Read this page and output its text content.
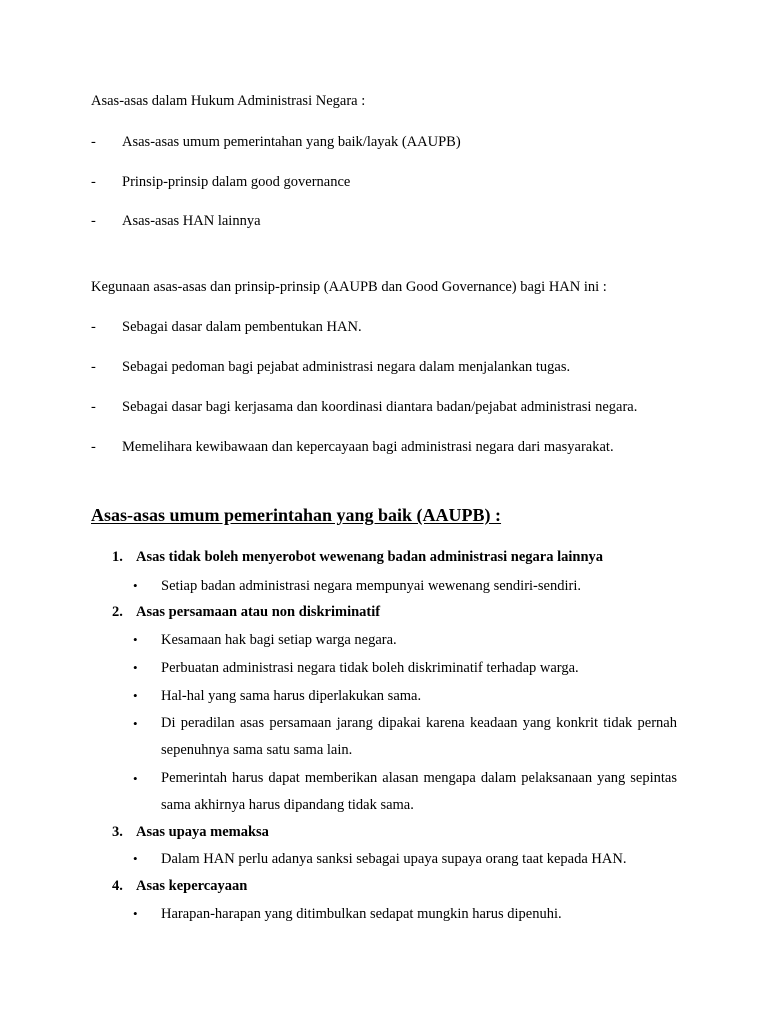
Asas-asas dalam Hukum Administrasi Negara :
- Asas-asas umum pemerintahan yang baik/layak (AAUPB)
- Prinsip-prinsip dalam good governance
- Asas-asas HAN lainnya
Kegunaan asas-asas dan prinsip-prinsip (AAUPB dan Good Governance) bagi HAN ini :
- Sebagai dasar dalam pembentukan HAN.
- Sebagai pedoman bagi pejabat administrasi negara dalam menjalankan tugas.
- Sebagai dasar bagi kerjasama dan koordinasi diantara badan/pejabat administrasi negara.
- Memelihara kewibawaan dan kepercayaan bagi administrasi negara dari masyarakat.
Asas-asas umum pemerintahan yang baik (AAUPB) :
1. Asas tidak boleh menyerobot wewenang badan administrasi negara lainnya
• Setiap badan administrasi negara mempunyai wewenang sendiri-sendiri.
2. Asas persamaan atau non diskriminatif
• Kesamaan hak bagi setiap warga negara.
• Perbuatan administrasi negara tidak boleh diskriminatif terhadap warga.
• Hal-hal yang sama harus diperlakukan sama.
• Di peradilan asas persamaan jarang dipakai karena keadaan yang konkrit tidak pernah sepenuhnya sama satu sama lain.
• Pemerintah harus dapat memberikan alasan mengapa dalam pelaksanaan yang sepintas sama akhirnya harus dipandang tidak sama.
3. Asas upaya memaksa
• Dalam HAN perlu adanya sanksi sebagai upaya supaya orang taat kepada HAN.
4. Asas kepercayaan
• Harapan-harapan yang ditimbulkan sedapat mungkin harus dipenuhi.
